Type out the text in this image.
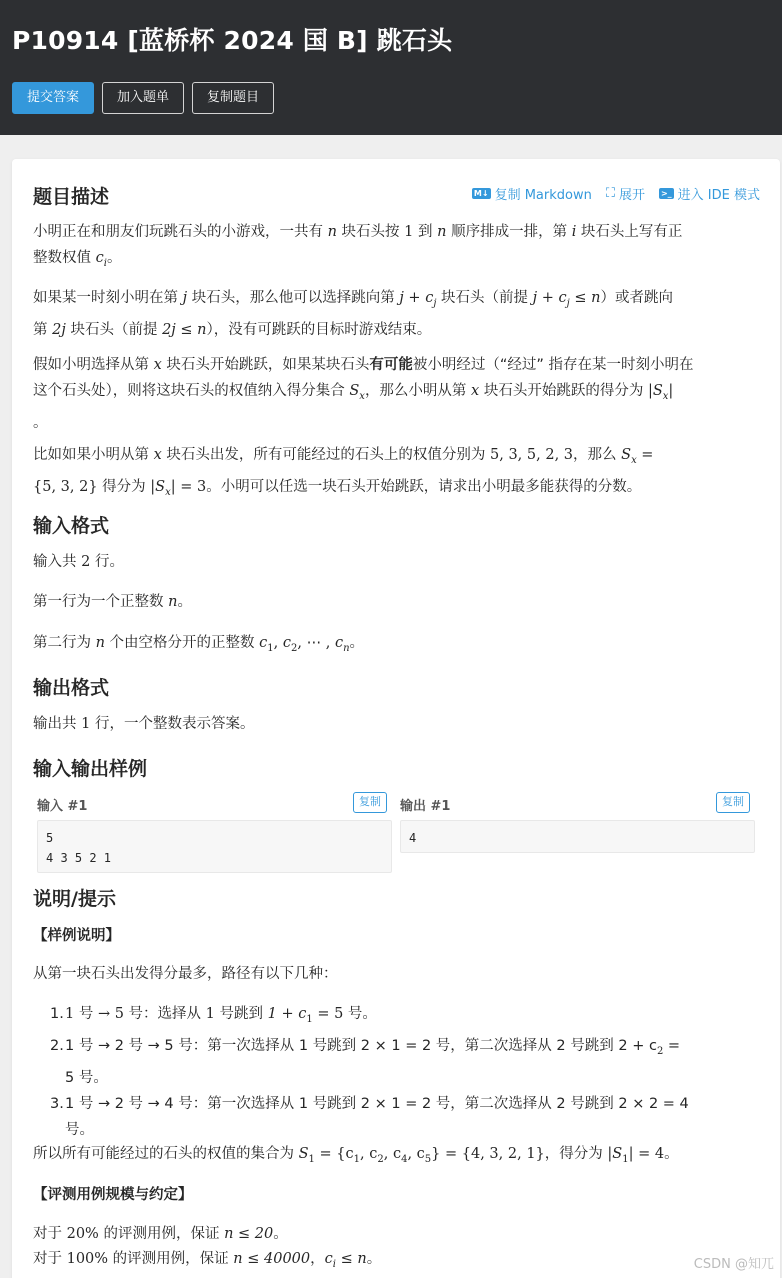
P10914 [蓝桥杯 2024 国 B] 跳石头
提交答案	加入题单	复制题目
题目描述	M↓ 复制 Markdown ⛶ 展开 >_ 进入 IDE 模式
小明正在和朋友们玩跳石头的小游戏，一共有 n 块石头按 1 到 n 顺序排成一排，第 i 块石头上写有正
整数权值 $c_i$。
如果某一时刻小明在第 j 块石头，那么他可以选择跳向第 $j + c_j$ 块石头（前提 $j + c_j \le n$）或者跳向
第 2j 块石头（前提 2j ≤ n），没有可跳跃的目标时游戏结束。
假如小明选择从第 x 块石头开始跳跃，如果某块石头有可能被小明经过（“经过” 指存在某一时刻小明在
这个石头处），则将这块石头的权值纳入得分集合 $S_x$，那么小明从第 x 块石头开始跳跃的得分为 $|S_x|$
。
比如如果小明从第 x 块石头出发，所有可能经过的石头上的权值分别为 5, 3, 5, 2, 3，那么 $S_x$ =
{5, 3, 2} 得分为 $|S_x| = 3$。小明可以任选一块石头开始跳跃，请求出小明最多能获得的分数。
输入格式
输入共 2 行。
第一行为一个正整数 n。
第二行为 n 个由空格分开的正整数 $c_1$, $c_2$, ⋯ , $c_n$。
输出格式
输出共 1 行，一个整数表示答案。
输入输出样例
输入 #1	复制
5
4 3 5 2 1
输出 #1	复制
4
说明/提示
【样例说明】
从第一块石头出发得分最多，路径有以下几种：
1.1 号 → 5 号：选择从 1 号跳到 $1 + c_1 = 5$ 号。
2.1 号 → 2 号 → 5 号：第一次选择从 1 号跳到 2 × 1 = 2 号，第二次选择从 2 号跳到 $2 + c_2$ =
5 号。
3.1 号 → 2 号 → 4 号：第一次选择从 1 号跳到 2 × 1 = 2 号，第二次选择从 2 号跳到 2 × 2 = 4
号。
所以所有可能经过的石头的权值的集合为 $S_1 = \{c_1$, $c_2$, $c_4$, $c_5\} = \{4$, 3, 2, 1}，得分为 $|S_1| = 4$。
【评测用例规模与约定】
对于 20% 的评测用例，保证 n ≤ 20。
对于 100% 的评测用例，保证 n ≤ 40000，$c_i \le n$。	CSDN @知兀
